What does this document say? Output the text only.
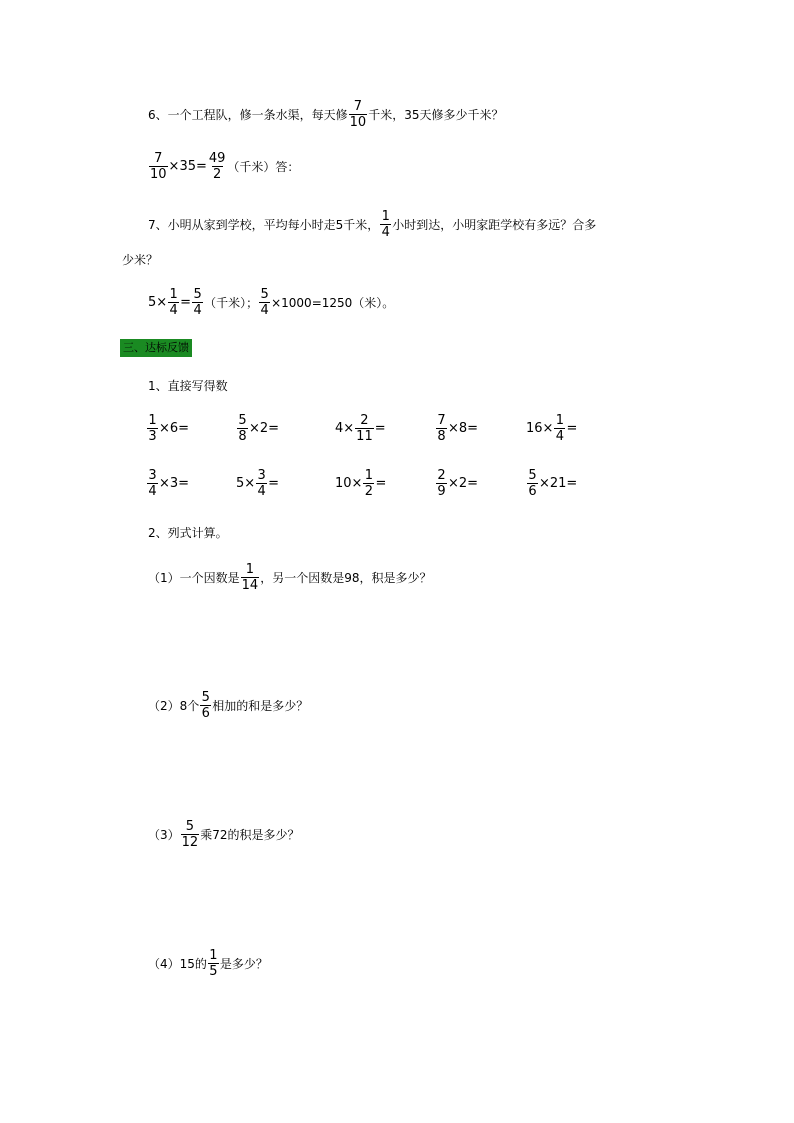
6、一个工程队，修一条水渠，每天修 $\frac{7}{10}$ 千米，35天修多少千米？
$\frac{7}{10} \times 35= \frac{49}{2}$ （千米）答：
7、小明从家到学校，平均每小时走5千米， $\frac{1}{4}$ 小时到达，小明家距学校有多远？合多
少米？
$5\times \frac{1}{4} = \frac{5}{4}$ （千米）； $\frac{5}{4} \times 1000=1250$（米）。
三、达标反馈
1、直接写得数
$\frac{1}{3} \times 6=$	$\frac{5}{8} \times 2=$	$4\times \frac{2}{11}$ =	$\frac{7}{8} \times 8=$	$16\times \frac{1}{4}$ =
$\frac{3}{4} \times 3=$	$5\times \frac{3}{4}$ =	$10\times \frac{1}{2}$ =	$\frac{2}{9} \times 2=$	$\frac{5}{6} \times 21=$
2、列式计算。
（1）一个因数是 $\frac{1}{14}$ ，另一个因数是98，积是多少？
（2）8个 $\frac{5}{6}$ 相加的和是多少？
$(3) \frac{5}{12}$ 乘72的积是多少？
（4）15的 $\frac{1}{5}$ 是多少？
